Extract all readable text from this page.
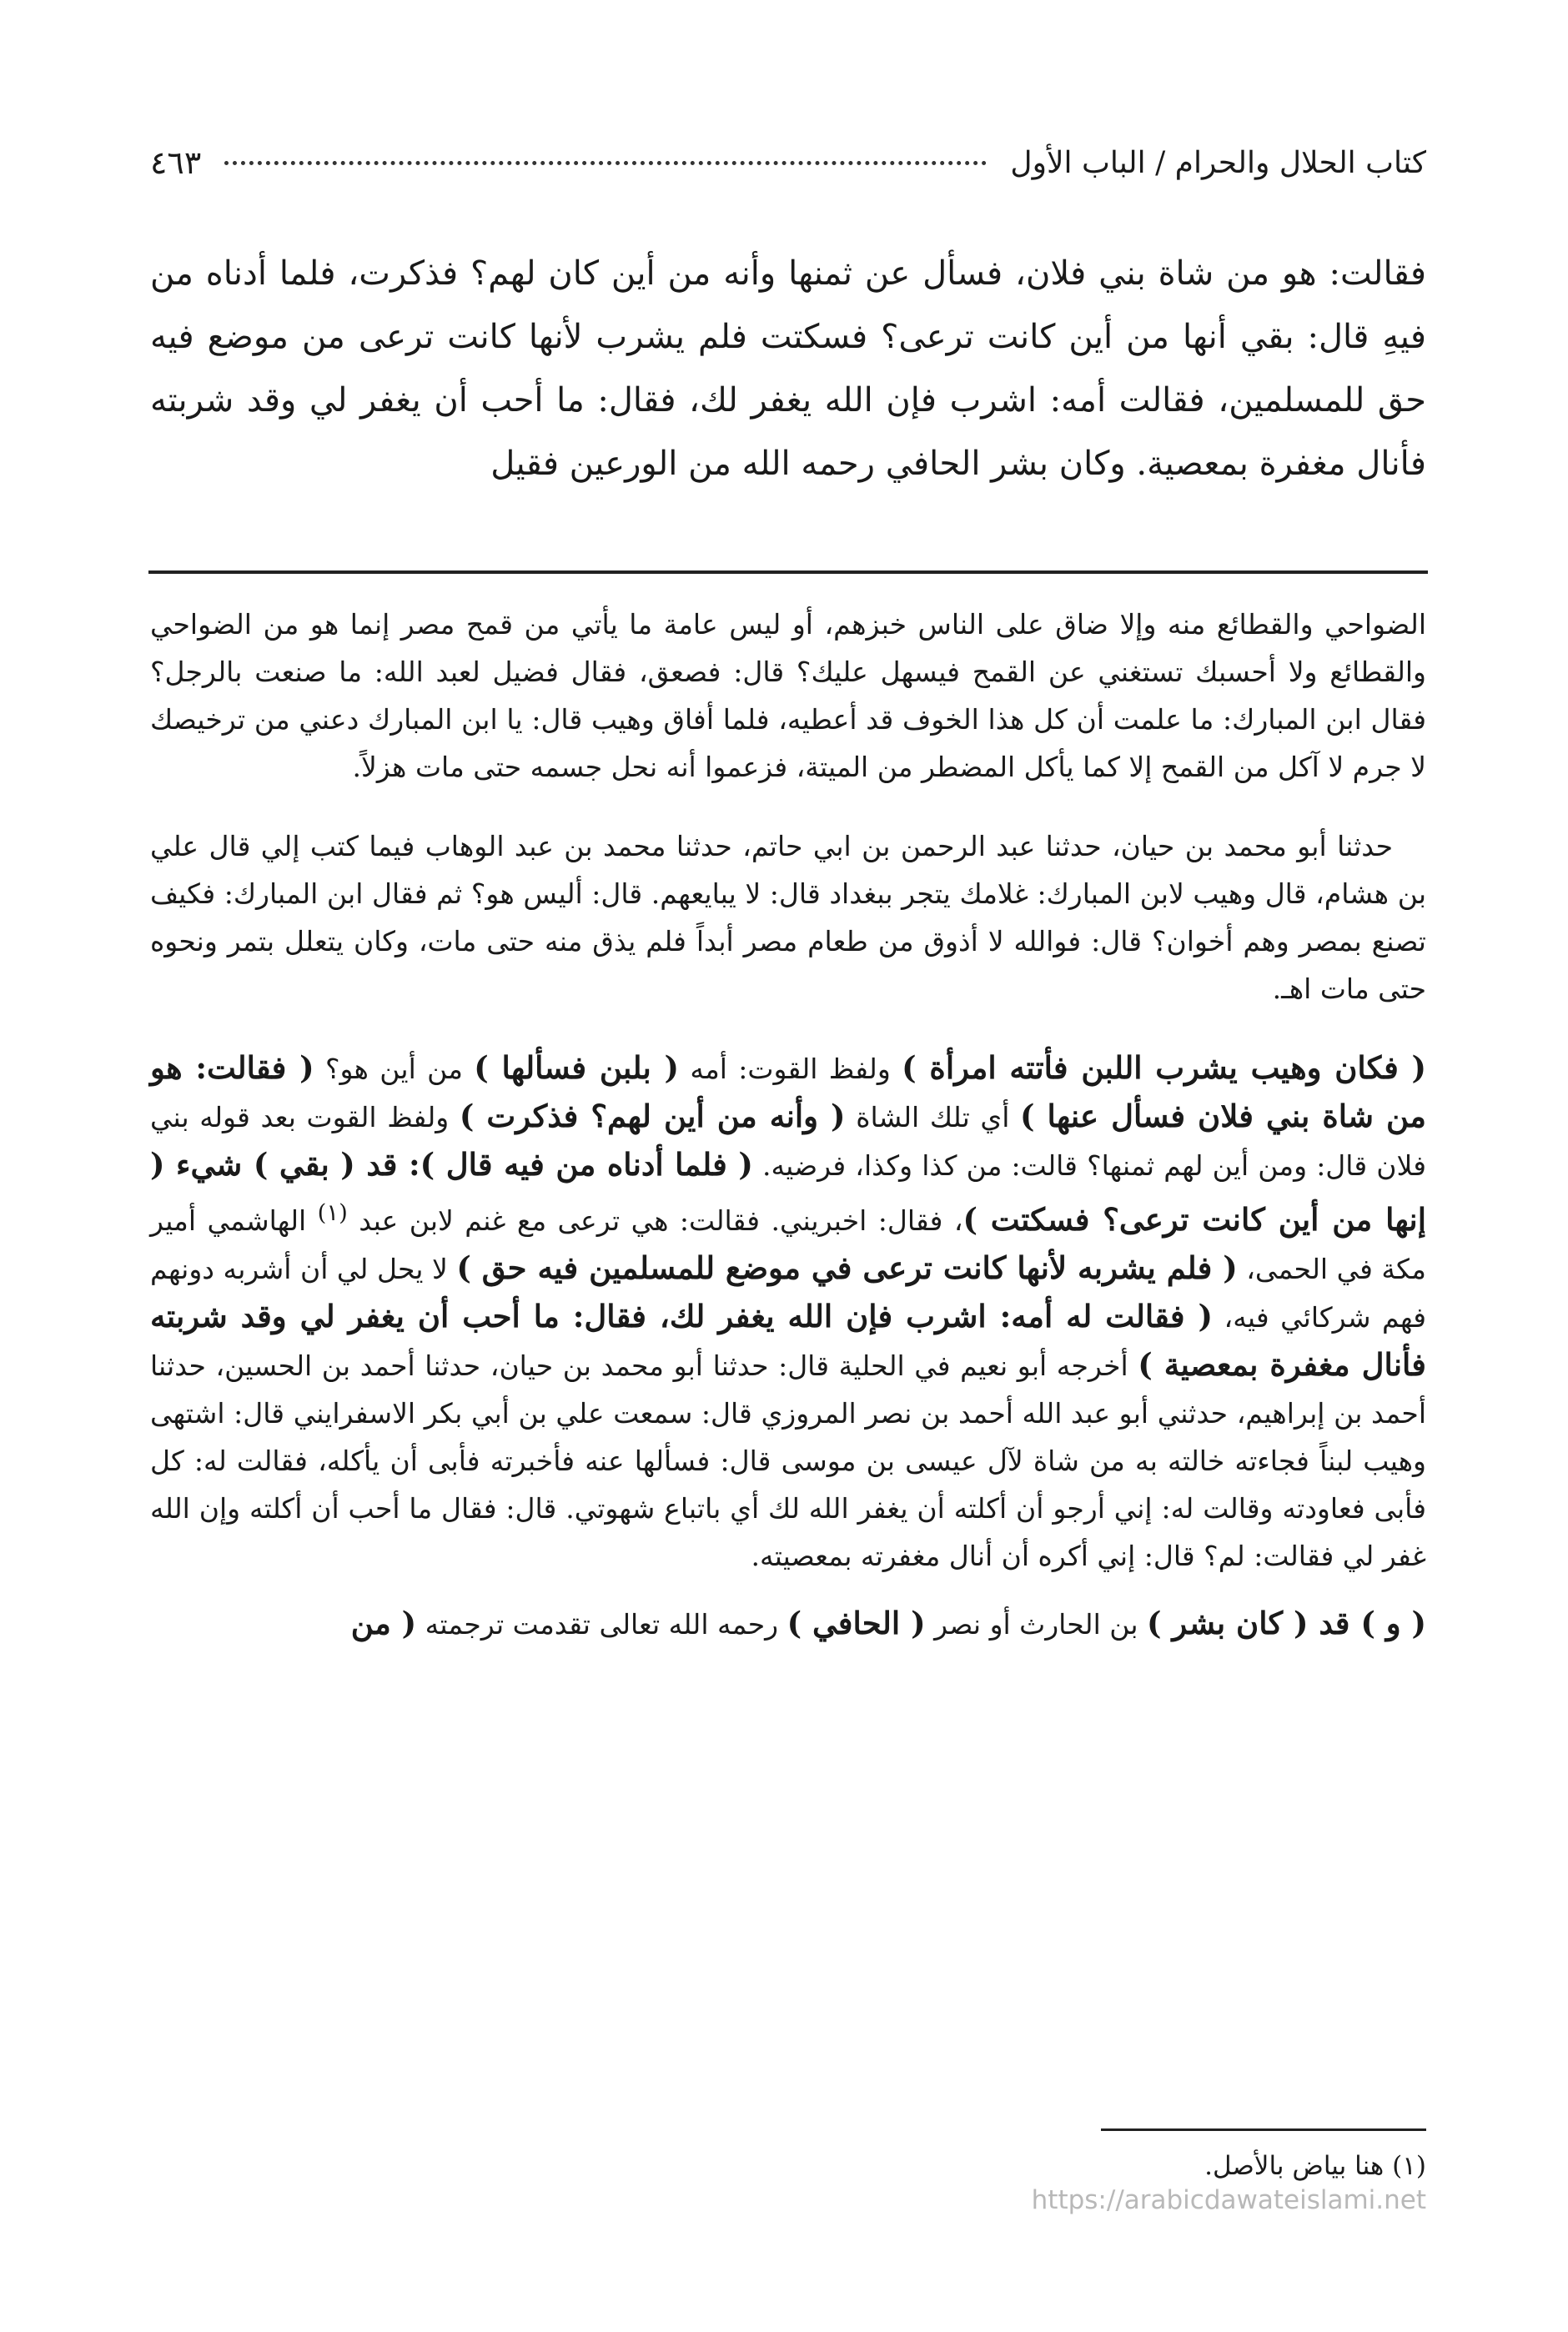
كتاب الحلال والحرام / الباب الأول
٤٦٣
فقالت: هو من شاة بني فلان، فسأل عن ثمنها وأنه من أين كان لهم؟ فذكرت، فلما أدناه من فيهِ قال: بقي أنها من أين كانت ترعى؟ فسكتت فلم يشرب لأنها كانت ترعى من موضع فيه حق للمسلمين، فقالت أمه: اشرب فإن الله يغفر لك، فقال: ما أحب أن يغفر لي وقد شربته فأنال مغفرة بمعصية. وكان بشر الحافي رحمه الله من الورعين فقيل

الضواحي والقطائع منه وإلا ضاق على الناس خبزهم، أو ليس عامة ما يأتي من قمح مصر إنما هو من الضواحي والقطائع ولا أحسبك تستغني عن القمح فيسهل عليك؟ قال: فصعق، فقال فضيل لعبد الله: ما صنعت بالرجل؟ فقال ابن المبارك: ما علمت أن كل هذا الخوف قد أعطيه، فلما أفاق وهيب قال: يا ابن المبارك دعني من ترخيصك لا جرم لا آكل من القمح إلا كما يأكل المضطر من الميتة، فزعموا أنه نحل جسمه حتى مات هزلاً.

حدثنا أبو محمد بن حيان، حدثنا عبد الرحمن بن ابي حاتم، حدثنا محمد بن عبد الوهاب فيما كتب إلي قال علي بن هشام، قال وهيب لابن المبارك: غلامك يتجر ببغداد قال: لا يبايعهم. قال: أليس هو؟ ثم فقال ابن المبارك: فكيف تصنع بمصر وهم أخوان؟ قال: فوالله لا أذوق من طعام مصر أبداً فلم يذق منه حتى مات، وكان يتعلل بتمر ونحوه حتى مات اهـ.

( فكان وهيب يشرب اللبن فأتته امرأة ) ولفظ القوت: أمه ( بلبن فسألها ) من أين هو؟ ( فقالت: هو من شاة بني فلان فسأل عنها ) أي تلك الشاة ( وأنه من أين لهم؟ فذكرت ) ولفظ القوت بعد قوله بني فلان قال: ومن أين لهم ثمنها؟ قالت: من كذا وكذا، فرضيه. ( فلما أدناه من فيه قال ): قد ( بقي ) شيء ( إنها من أين كانت ترعى؟ فسكتت )، فقال: اخبريني. فقالت: هي ترعى مع غنم لابن عبد $^{(١)}$ الهاشمي أمير مكة في الحمى، ( فلم يشربه لأنها كانت ترعى في موضع للمسلمين فيه حق ) لا يحل لي أن أشربه دونهم فهم شركائي فيه، ( فقالت له أمه: اشرب فإن الله يغفر لك، فقال: ما أحب أن يغفر لي وقد شربته فأنال مغفرة بمعصية ) أخرجه أبو نعيم في الحلية قال: حدثنا أبو محمد بن حيان، حدثنا أحمد بن الحسين، حدثنا أحمد بن إبراهيم، حدثني أبو عبد الله أحمد بن نصر المروزي قال: سمعت علي بن أبي بكر الاسفرايني قال: اشتهى وهيب لبناً فجاءته خالته به من شاة لآل عيسى بن موسى قال: فسألها عنه فأخبرته فأبى أن يأكله، فقالت له: كل فأبى فعاودته وقالت له: إني أرجو أن أكلته أن يغفر الله لك أي باتباع شهوتي. قال: فقال ما أحب أن أكلته وإن الله غفر لي فقالت: لم؟ قال: إني أكره أن أنال مغفرته بمعصيته.

( و ) قد ( كان بشر ) بن الحارث أو نصر ( الحافي ) رحمه الله تعالى تقدمت ترجمته ( من

(١) هنا بياض بالأصل.
https://arabicdawateislami.net
